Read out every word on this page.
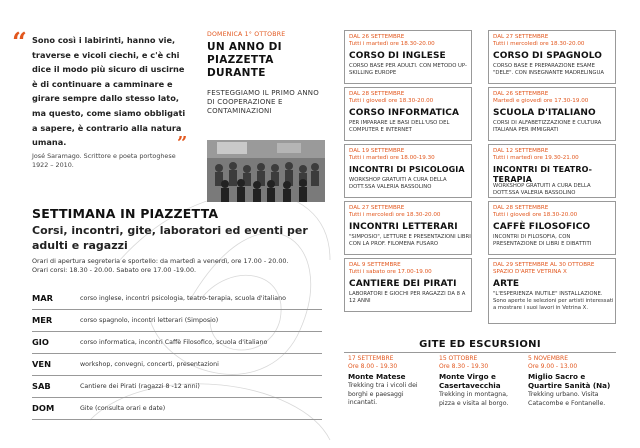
“ Sono così i labirinti, hanno vie, traverse e vicoli ciechi, e c'è chi dice il modo più sicuro di uscirne è di continuare a camminare e girare sempre dallo stesso lato, ma questo, come siamo obbligati a sapere, è contrario alla natura umana.	”
José Saramago. Scrittore e poeta portoghese 1922 – 2010.
DOMENICA 1° OTTOBRE
UN ANNO DI PIAZZETTA DURANTE
FESTEGGIAMO IL PRIMO ANNO DI COOPERAZIONE E CONTAMINAZIONI
SETTIMANA IN PIAZZETTA
Corsi, incontri, gite, laboratori ed eventi per adulti e ragazzi
Orari di apertura segreteria e sportello: da martedì a venerdì, ore 17.00 - 20.00.
Orari corsi: 18.30 - 20.00. Sabato ore 17.00 -19.00.
MAR	corso inglese, incontri psicologia, teatro-terapia, scuola d'italiano
MER	corso spagnolo, incontri letterari (Simposio)
GIO	corso informatica, incontri Caffè Filosofico, scuola d'italiano
VEN	workshop, convegni, concerti, presentazioni
SAB	Cantiere dei Pirati (ragazzi 8 -12 anni)
DOM	Gite (consulta orari e date)
DAL 26 SETTEMBRE
Tutti i martedì ore 18.30-20.00
CORSO DI INGLESE
CORSO BASE PER ADULTI. CON METODO UP-SKILLING EUROPE
DAL 27 SETTEMBRE
Tutti i mercoledì ore 18.30-20.00
CORSO DI SPAGNOLO
CORSO BASE E PREPARAZIONE ESAME "DELE". CON INSEGNANTE MADRELINGUA
DAL 28 SETTEMBRE
Tutti i giovedì ore 18.30-20.00
CORSO INFORMATICA
PER IMPARARE LE BASI DELL'USO DEL COMPUTER E INTERNET
DAL 26 SETTEMBRE
Martedì e giovedì ore 17.30-19.00
SCUOLA D'ITALIANO
CORSI DI ALFABETIZZAZIONE E CULTURA ITALIANA PER IMMIGRATI
DAL 19 SETTEMBRE
Tutti i martedì ore 18.00-19.30
INCONTRI DI PSICOLOGIA
WORKSHOP GRATUITI A CURA DELLA DOTT.SSA VALERIA BASSOLINO
DAL 12 SETTEMBRE
Tutti i martedì ore 19.30-21.00
INCONTRI DI TEATRO-TERAPIA
WORKSHOP GRATUITI A CURA DELLA DOTT.SSA VALERIA BASSOLINO
DAL 27 SETTEMBRE
Tutti i mercoledì ore 18.30-20.00
INCONTRI LETTERARI
"SIMPOSIO", LETTURE E PRESENTAZIONI LIBRI CON LA PROF. FILOMENA FUSARO
DAL 28 SETTEMBRE
Tutti i giovedì ore 18.30-20.00
CAFFÈ FILOSOFICO
INCONTRI DI FILOSOFIA, CON PRESENTAZIONE DI LIBRI E DIBATTITI
DAL 9 SETTEMBRE
Tutti i sabato ore 17.00-19.00
CANTIERE DEI PIRATI
LABORATORI E GIOCHI PER RAGAZZI DA 8 A 12 ANNI
DAL 29 SETTEMBRE AL 30 OTTOBRE
SPAZIO D'ARTE VETRINA X
ARTE
"L'ESPERIENZA INUTILE" INSTALLAZIONE. Sono aperte le selezioni per artisti interessati a mostrare i suoi lavori in Vetrina X.
GITE ED ESCURSIONI
17 SETTEMBRE
Ore 8.00 - 19.30
Monte Matese
Trekking tra i vicoli dei borghi e paesaggi incantati.
15 OTTOBRE
Ore 8.30 - 19.30
Monte Virgo e Casertavecchia
Trekking in montagna, pizza e visita al borgo.
5 NOVEMBRE
Ore 9.00 - 13.00
Miglio Sacro e Quartire Sanità (Na)
Trekking urbano. Visita Catacombe e Fontanelle.
